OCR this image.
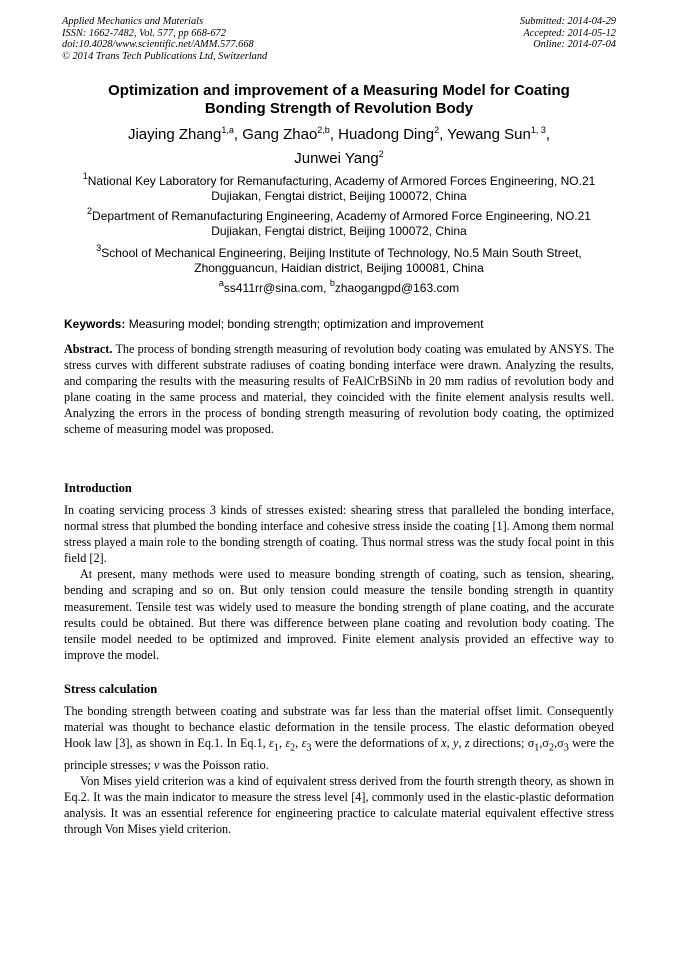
Applied Mechanics and Materials
ISSN: 1662-7482, Vol. 577, pp 668-672
doi:10.4028/www.scientific.net/AMM.577.668
© 2014 Trans Tech Publications Ltd, Switzerland
Submitted: 2014-04-29
Accepted: 2014-05-12
Online: 2014-07-04
Optimization and improvement of a Measuring Model for Coating
Bonding Strength of Revolution Body
Jiaying Zhang$^{1,a}$, Gang Zhao$^{2,b}$, Huadong Ding$^2$, Yewang Sun$^{1, 3}$,
Junwei Yang$^2$
$^1$National Key Laboratory for Remanufacturing, Academy of Armored Forces Engineering, NO.21
Dujiakan, Fengtai district, Beijing 100072, China
$^2$Department of Remanufacturing Engineering, Academy of Armored Force Engineering, NO.21
Dujiakan, Fengtai district, Beijing 100072, China
$^3$School of Mechanical Engineering, Beijing Institute of Technology, No.5 Main South Street,
Zhongguancun, Haidian district, Beijing 100081, China
$^a$ss411rr@sina.com, $^b$zhaogangpd@163.com
Keywords: Measuring model; bonding strength; optimization and improvement

Abstract. The process of bonding strength measuring of revolution body coating was emulated by ANSYS. The stress curves with different substrate radiuses of coating bonding interface were drawn. Analyzing the results, and comparing the results with the measuring results of FeAlCrBSiNb in 20 mm radius of revolution body and plane coating in the same process and material, they coincided with the finite element analysis results well. Analyzing the errors in the process of bonding strength measuring of revolution body coating, the optimized scheme of measuring model was proposed.

Introduction

In coating servicing process 3 kinds of stresses existed: shearing stress that paralleled the bonding interface, normal stress that plumbed the bonding interface and cohesive stress inside the coating [1]. Among them normal stress played a main role to the bonding strength of coating. Thus normal stress was the study focal point in this field [2].

At present, many methods were used to measure bonding strength of coating, such as tension, shearing, bending and scraping and so on. But only tension could measure the tensile bonding strength in quantity measurement. Tensile test was widely used to measure the bonding strength of plane coating, and the accurate results could be obtained. But there was difference between plane coating and revolution body coating. The tensile model needed to be optimized and improved. Finite element analysis provided an effective way to improve the model.

Stress calculation

The bonding strength between coating and substrate was far less than the material offset limit. Consequently material was thought to bechance elastic deformation in the tensile process. The elastic deformation obeyed Hook law [3], as shown in Eq.1. In Eq.1, $\varepsilon_1$, $\varepsilon_2$, $\varepsilon_3$ were the deformations of x, y, z directions; $\sigma_1,\sigma_2,\sigma_3$ were the principle stresses; v was the Poisson ratio.

Von Mises yield criterion was a kind of equivalent stress derived from the fourth strength theory, as shown in Eq.2. It was the main indicator to measure the stress level [4], commonly used in the elastic-plastic deformation analysis. It was an essential reference for engineering practice to calculate material equivalent effective stress through Von Mises yield criterion.
